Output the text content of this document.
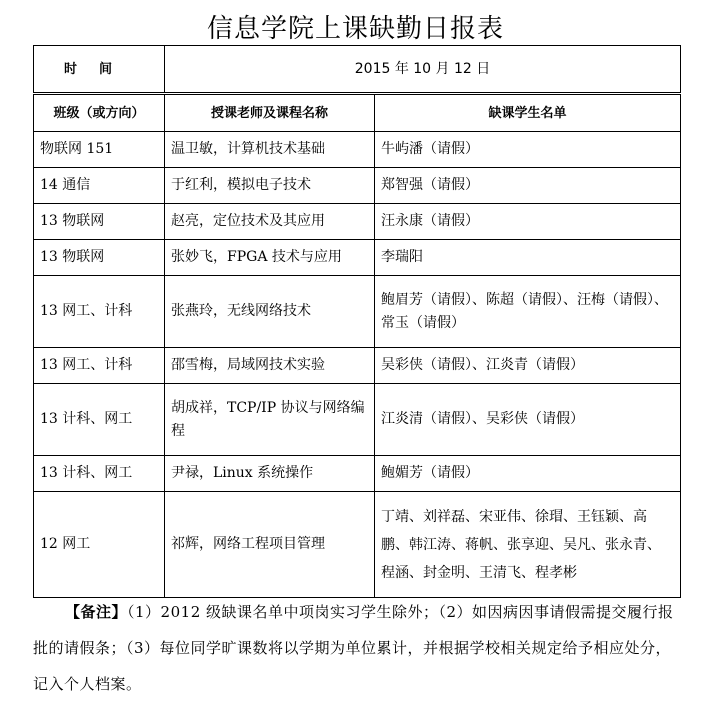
信息学院上课缺勤日报表
时间	2015 年 10 月 12 日	
班级（或方向）	授课老师及课程名称	缺课学生名单
物联网 151	温卫敏，计算机技术基础	牛屿潘（请假）
14 通信	于红利，模拟电子技术	郑智强（请假）
13 物联网	赵亮，定位技术及其应用	汪永康（请假）
13 物联网	张妙飞，FPGA 技术与应用	李瑞阳
13 网工、计科	张燕玲，无线网络技术	鲍眉芳（请假）、陈超（请假）、汪梅（请假）、常玉（请假）
13 网工、计科	邵雪梅，局域网技术实验	吴彩侠（请假）、江炎青（请假）
13 计科、网工	胡成祥，TCP/IP 协议与网络编程	江炎清（请假）、吴彩侠（请假）
13 计科、网工	尹禄，Linux 系统操作	鲍媚芳（请假）
12 网工	祁辉，网络工程项目管理	丁靖、刘祥磊、宋亚伟、徐瑁、王钰颖、高鹏、韩江涛、蒋帆、张享迎、吴凡、张永青、程涵、封金明、王清飞、程孝彬
【备注】（1）2012 级缺课名单中项岗实习学生除外；（2）如因病因事请假需提交履行报批的请假条；（3）每位同学旷课数将以学期为单位累计，并根据学校相关规定给予相应处分，记入个人档案。
